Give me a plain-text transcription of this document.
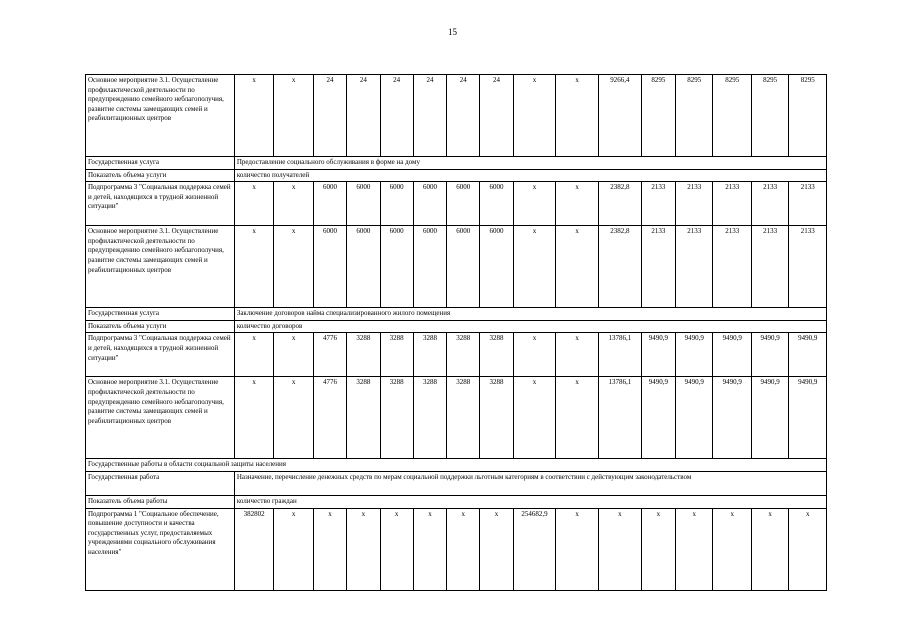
15
Основное мероприятие 3.1. Осуществление профилактической деятельности по предупреждению семейного неблагополучия, развитие системы замещающих семей и реабилитационных центров	x	x	24	24	24	24	24	24	x	x	9266,4	8295	8295	8295	8295	8295
Государственная услуга	Предоставление социального обслуживания в форме на дому															
Показатель объема услуги	количество получателей															
Подпрограмма 3 "Социальная поддержка семей и детей, находящихся в трудной жизненной ситуации"	x	x	6000	6000	6000	6000	6000	6000	x	x	2382,8	2133	2133	2133	2133	2133
Основное мероприятие 3.1. Осуществление профилактической деятельности по предупреждению семейного неблагополучия, развитие системы замещающих семей и реабилитационных центров	x	x	6000	6000	6000	6000	6000	6000	x	x	2382,8	2133	2133	2133	2133	2133
Государственная услуга	Заключение договоров найма специализированного жилого помещения															
Показатель объема услуги	количество договоров															
Подпрограмма 3 "Социальная поддержка семей и детей, находящихся в трудной жизненной ситуации"	x	x	4776	3288	3288	3288	3288	3288	x	x	13786,1	9490,9	9490,9	9490,9	9490,9	9490,9
Основное мероприятие 3.1. Осуществление профилактической деятельности по предупреждению семейного неблагополучия, развитие системы замещающих семей и реабилитационных центров	x	x	4776	3288	3288	3288	3288	3288	x	x	13786,1	9490,9	9490,9	9490,9	9490,9	9490,9
Государственные работы в области социальной защиты населения																
Государственная работа	Назначение, перечисление денежных средств по мерам социальной поддержки льготным категориям в соответствии с действующим законодательством															
Показатель объема работы	количество граждан															
Подпрограмма 1 "Социальное обеспечение, повышение доступности и качества государственных услуг, предоставляемых учреждениями социального обслуживания населения"	382802	x	x	x	x	x	x	x	254682,9	x	x	x	x	x	x	x
